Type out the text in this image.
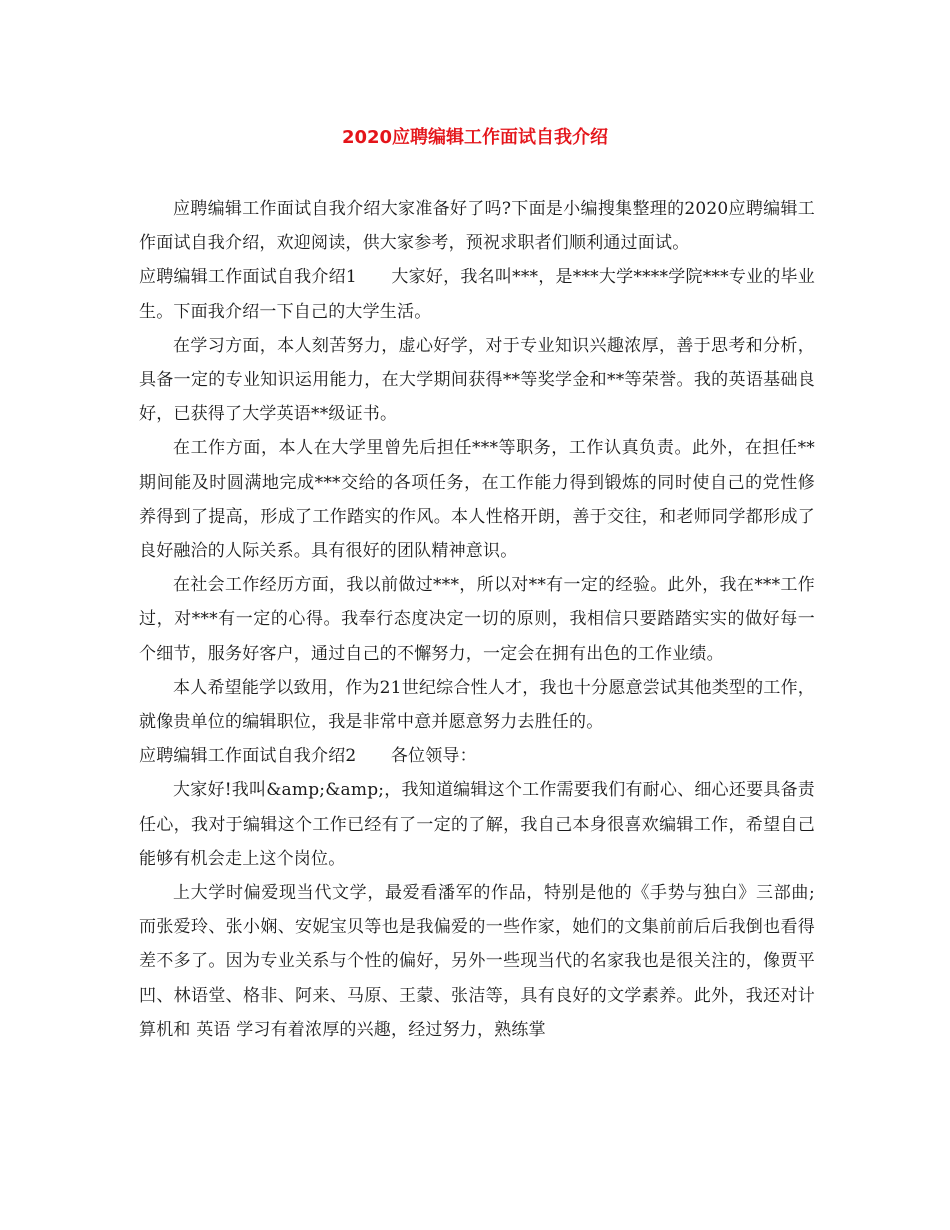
2020应聘编辑工作面试自我介绍

应聘编辑工作面试自我介绍大家准备好了吗?下面是小编搜集整理的2020应聘编辑工作面试自我介绍，欢迎阅读，供大家参考，预祝求职者们顺利通过面试。

应聘编辑工作面试自我介绍1　　大家好，我名叫***，是***大学****学院***专业的毕业生。下面我介绍一下自己的大学生活。

在学习方面，本人刻苦努力，虚心好学，对于专业知识兴趣浓厚，善于思考和分析，具备一定的专业知识运用能力，在大学期间获得**等奖学金和**等荣誉。我的英语基础良好，已获得了大学英语**级证书。

在工作方面，本人在大学里曾先后担任***等职务，工作认真负责。此外，在担任**期间能及时圆满地完成***交给的各项任务，在工作能力得到锻炼的同时使自己的党性修养得到了提高，形成了工作踏实的作风。本人性格开朗，善于交往，和老师同学都形成了良好融洽的人际关系。具有很好的团队精神意识。

在社会工作经历方面，我以前做过***，所以对**有一定的经验。此外，我在***工作过，对***有一定的心得。我奉行态度决定一切的原则，我相信只要踏踏实实的做好每一个细节，服务好客户，通过自己的不懈努力，一定会在拥有出色的工作业绩。

本人希望能学以致用，作为21世纪综合性人才，我也十分愿意尝试其他类型的工作，就像贵单位的编辑职位，我是非常中意并愿意努力去胜任的。

应聘编辑工作面试自我介绍2　　各位领导：

大家好!我叫&amp;&amp;，我知道编辑这个工作需要我们有耐心、细心还要具备责任心，我对于编辑这个工作已经有了一定的了解，我自己本身很喜欢编辑工作，希望自己能够有机会走上这个岗位。

上大学时偏爱现当代文学，最爱看潘军的作品，特别是他的《手势与独白》三部曲;而张爱玲、张小娴、安妮宝贝等也是我偏爱的一些作家，她们的文集前前后后我倒也看得差不多了。因为专业关系与个性的偏好，另外一些现当代的名家我也是很关注的，像贾平凹、林语堂、格非、阿来、马原、王蒙、张洁等，具有良好的文学素养。此外，我还对计算机和 英语 学习有着浓厚的兴趣，经过努力，熟练掌
